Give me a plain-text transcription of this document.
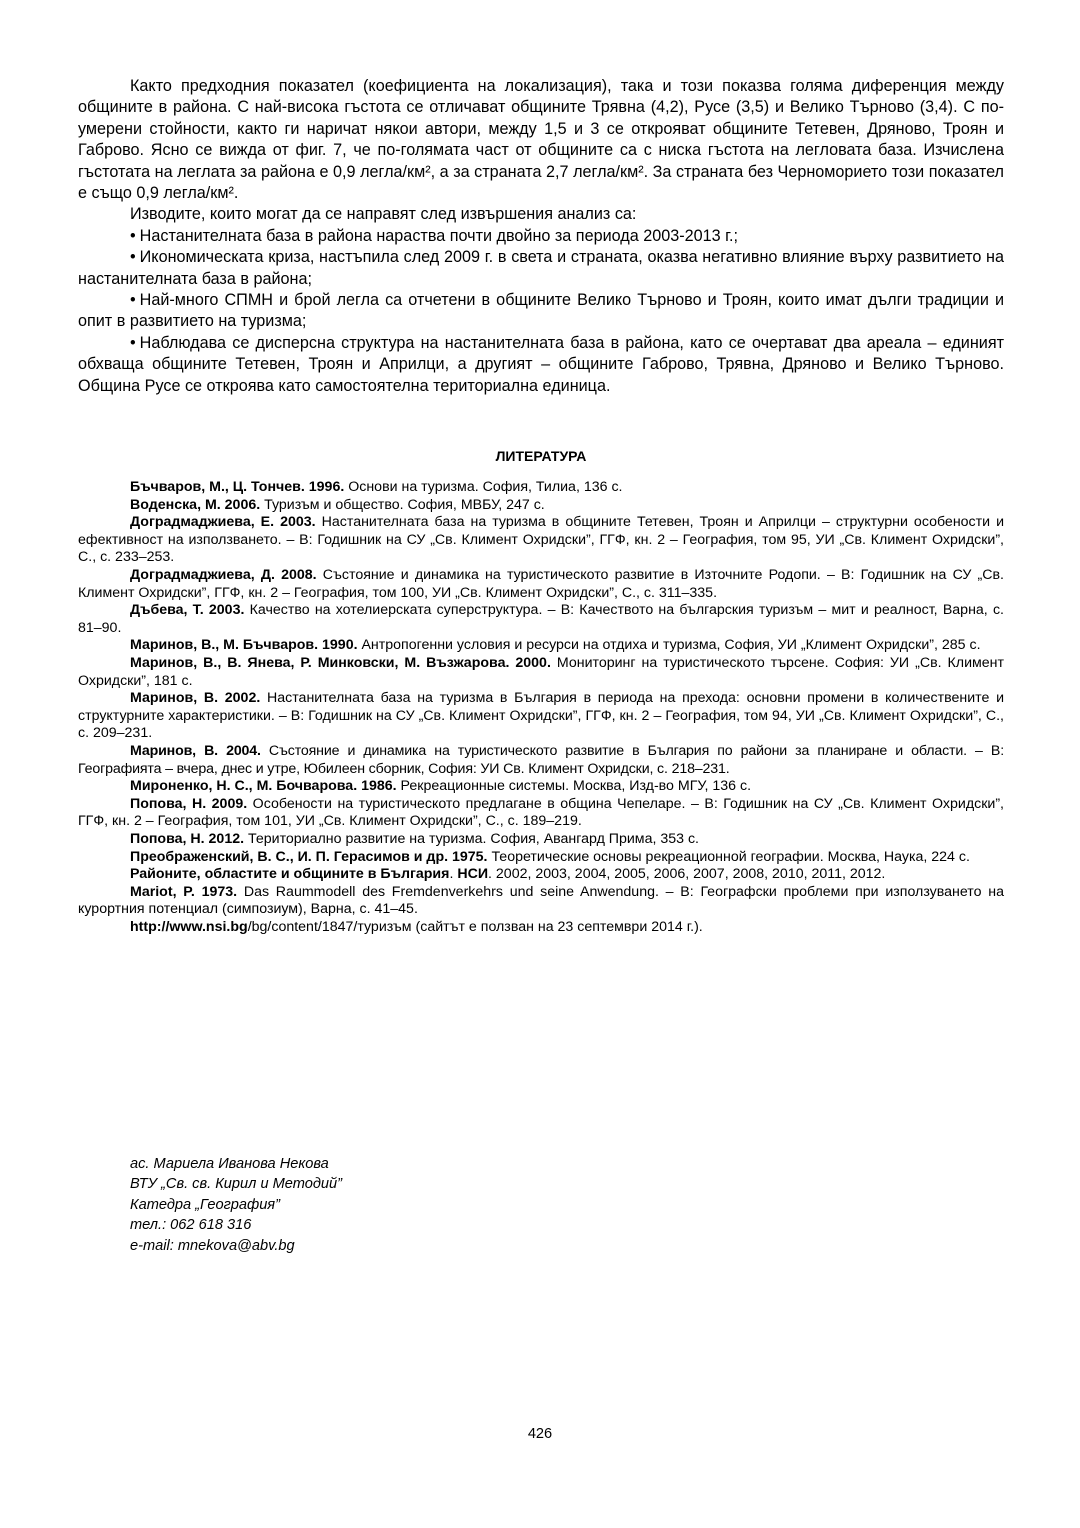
Както предходния показател (коефициента на локализация), така и този показва голяма диференция между общините в района. С най-висока гъстота се отличават общините Трявна (4,2), Русе (3,5) и Велико Търново (3,4). С по-умерени стойности, както ги наричат някои автори, между 1,5 и 3 се открояват общините Тетевен, Дряново, Троян и Габрово. Ясно се вижда от фиг. 7, че по-голямата част от общините са с ниска гъстота на легловата база. Изчислена гъстотата на леглата за района е 0,9 легла/км², а за страната 2,7 легла/км². За страната без Черноморието този показател е също 0,9 легла/км².

Изводите, които могат да се направят след извършения анализ са:

• Настанителната база в района нараства почти двойно за периода 2003-2013 г.;

• Икономическата криза, настъпила след 2009 г. в света и страната, оказва негативно влияние върху развитието на настанителната база в района;

• Най-много СПМН и брой легла са отчетени в общините Велико Търново и Троян, които имат дълги традиции и опит в развитието на туризма;

• Наблюдава се дисперсна структура на настанителната база в района, като се очертават два ареала – единият обхваща общините Тетевен, Троян и Априлци, а другият – общините Габрово, Трявна, Дряново и Велико Търново. Община Русе се откроява като самостоятелна териториална единица.

ЛИТЕРАТУРА

Бъчваров, М., Ц. Тончев. 1996. Основи на туризма. София, Тилиа, 136 с.

Воденска, М. 2006. Туризъм и общество. София, МВБУ, 247 с.

Доградмаджиева, Е. 2003. Настанителната база на туризма в общините Тетевен, Троян и Априлци – структурни особености и ефективност на използването. – В: Годишник на СУ „Св. Климент Охридски”, ГГФ, кн. 2 – География, том 95, УИ „Св. Климент Охридски”, С., с. 233–253.

Доградмаджиева, Д. 2008. Състояние и динамика на туристическото развитие в Източните Родопи. – В: Годишник на СУ „Св. Климент Охридски”, ГГФ, кн. 2 – География, том 100, УИ „Св. Климент Охридски”, С., с. 311–335.

Дъбева, Т. 2003. Качество на хотелиерската суперструктура. – В: Качеството на българския туризъм – мит и реалност, Варна, с. 81–90.

Маринов, В., М. Бъчваров. 1990. Антропогенни условия и ресурси на отдиха и туризма, София, УИ „Климент Охридски”, 285 с.

Маринов, В., В. Янева, Р. Минковски, М. Възжарова. 2000. Мониторинг на туристическото търсене. София: УИ „Св. Климент Охридски”, 181 с.

Маринов, В. 2002. Настанителната база на туризма в България в периода на прехода: основни промени в количествените и структурните характеристики. – В: Годишник на СУ „Св. Климент Охридски”, ГГФ, кн. 2 – География, том 94, УИ „Св. Климент Охридски”, С., с. 209–231.

Маринов, В. 2004. Състояние и динамика на туристическото развитие в България по райони за планиране и области. – В: Географията – вчера, днес и утре, Юбилеен сборник, София: УИ Св. Климент Охридски, с. 218–231.

Мироненко, Н. С., М. Бочварова. 1986. Рекреационные системы. Москва, Изд-во МГУ, 136 с.

Попова, Н. 2009. Особености на туристическото предлагане в община Чепеларе. – В: Годишник на СУ „Св. Климент Охридски”, ГГФ, кн. 2 – География, том 101, УИ „Св. Климент Охридски”, С., с. 189–219.

Попова, Н. 2012. Териториално развитие на туризма. София, Авангард Прима, 353 с.

Преображенский, В. С., И. П. Герасимов и др. 1975. Теоретические основы рекреационной географии. Москва, Наука, 224 с.

Районите, областите и общините в България. НСИ. 2002, 2003, 2004, 2005, 2006, 2007, 2008, 2010, 2011, 2012.

Mariot, P. 1973. Das Raummodell des Fremdenverkehrs und seine Anwendung. – В: Географски проблеми при използуването на курортния потенциал (симпозиум), Варна, с. 41–45.

http://www.nsi.bg/bg/content/1847/туризъм (сайтът е ползван на 23 септември 2014 г.).

ас. Мариела Иванова Некова
ВТУ „Св. св. Кирил и Методий”
Катедра „География”
тел.: 062 618 316
e-mail: mnekova@abv.bg
426
